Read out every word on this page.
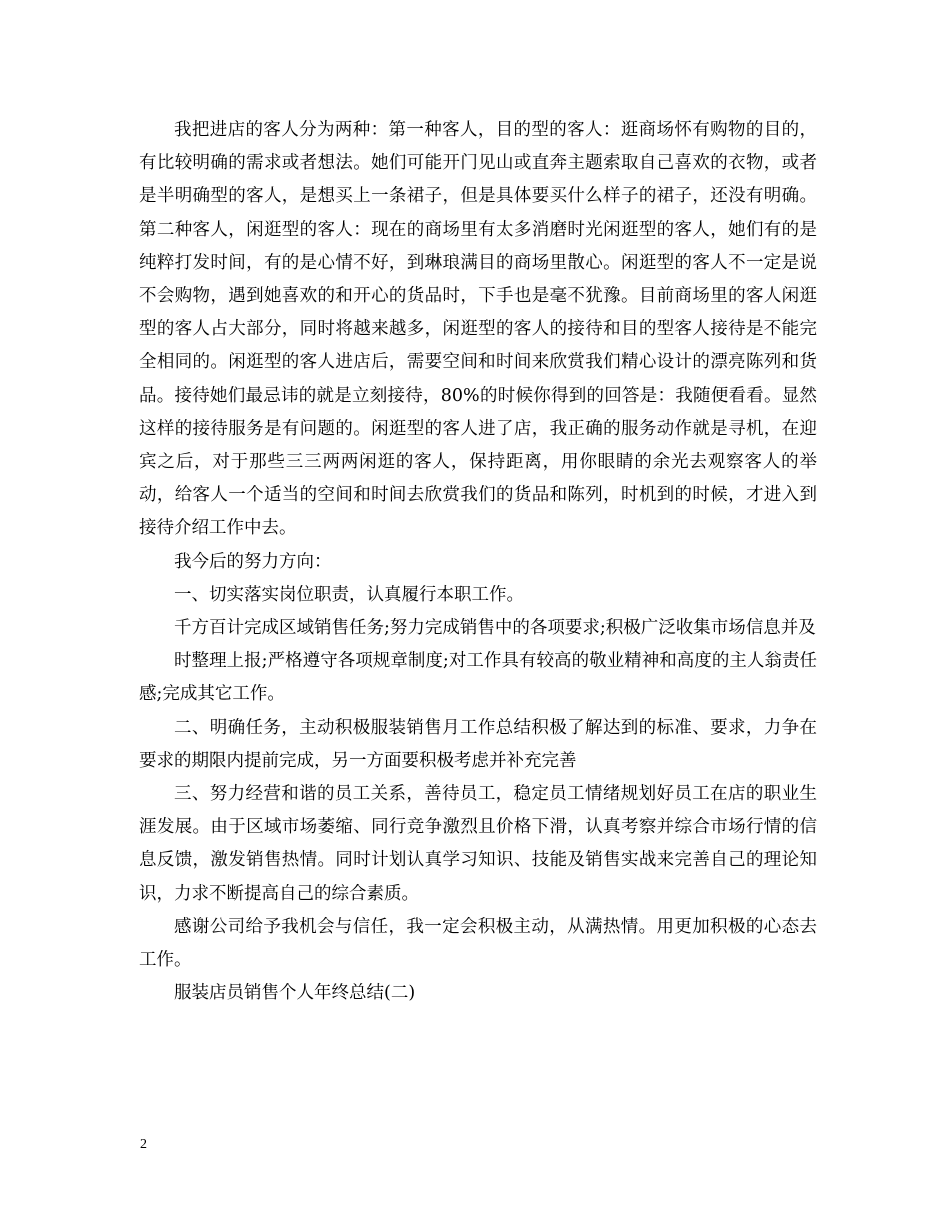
我把进店的客人分为两种：第一种客人，目的型的客人：逛商场怀有购物的目的，有比较明确的需求或者想法。她们可能开门见山或直奔主题索取自己喜欢的衣物，或者是半明确型的客人，是想买上一条裙子，但是具体要买什么样子的裙子，还没有明确。第二种客人，闲逛型的客人：现在的商场里有太多消磨时光闲逛型的客人，她们有的是纯粹打发时间，有的是心情不好，到琳琅满目的商场里散心。闲逛型的客人不一定是说不会购物，遇到她喜欢的和开心的货品时，下手也是毫不犹豫。目前商场里的客人闲逛型的客人占大部分，同时将越来越多，闲逛型的客人的接待和目的型客人接待是不能完全相同的。闲逛型的客人进店后，需要空间和时间来欣赏我们精心设计的漂亮陈列和货品。接待她们最忌讳的就是立刻接待，80%的时候你得到的回答是：我随便看看。显然这样的接待服务是有问题的。闲逛型的客人进了店，我正确的服务动作就是寻机，在迎宾之后，对于那些三三两两闲逛的客人，保持距离，用你眼睛的余光去观察客人的举动，给客人一个适当的空间和时间去欣赏我们的货品和陈列，时机到的时候，才进入到接待介绍工作中去。

我今后的努力方向：

一、切实落实岗位职责，认真履行本职工作。

千方百计完成区域销售任务;努力完成销售中的各项要求;积极广泛收集市场信息并及

时整理上报;严格遵守各项规章制度;对工作具有较高的敬业精神和高度的主人翁责任感;完成其它工作。

二、明确任务，主动积极服装销售月工作总结积极了解达到的标准、要求，力争在要求的期限内提前完成，另一方面要积极考虑并补充完善

三、努力经营和谐的员工关系，善待员工，稳定员工情绪规划好员工在店的职业生涯发展。由于区域市场萎缩、同行竞争激烈且价格下滑，认真考察并综合市场行情的信息反馈，激发销售热情。同时计划认真学习知识、技能及销售实战来完善自己的理论知识，力求不断提高自己的综合素质。

感谢公司给予我机会与信任，我一定会积极主动，从满热情。用更加积极的心态去工作。

服装店员销售个人年终总结(二)

2
